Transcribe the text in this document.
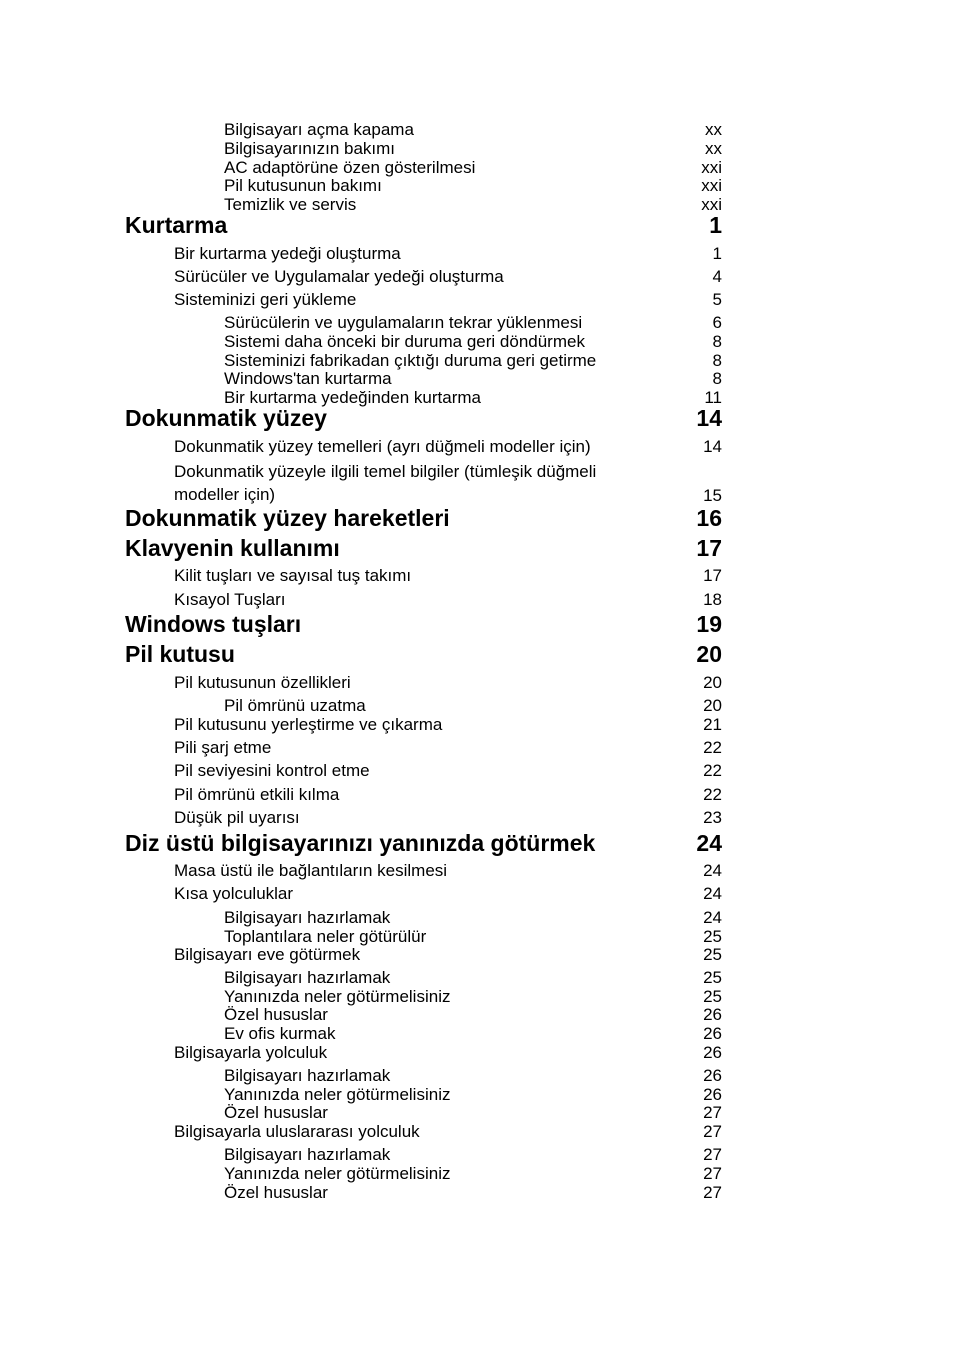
Bilgisayarı açma kapama	xx
Bilgisayarınızın bakımı	xx
AC adaptörüne özen gösterilmesi	xxi
Pil kutusunun bakımı	xxi
Temizlik ve servis	xxi
Kurtarma	1
Bir kurtarma yedeği oluşturma	1
Sürücüler ve Uygulamalar yedeği oluşturma	4
Sisteminizi geri yükleme	5
Sürücülerin ve uygulamaların tekrar yüklenmesi	6
Sistemi daha önceki bir duruma geri döndürmek	8
Sisteminizi fabrikadan çıktığı duruma geri getirme	8
Windows'tan kurtarma	8
Bir kurtarma yedeğinden kurtarma	11
Dokunmatik yüzey	14
Dokunmatik yüzey temelleri (ayrı düğmeli modeller için)	14
Dokunmatik yüzeyle ilgili temel bilgiler (tümleşik düğmeli modeller için)	15
Dokunmatik yüzey hareketleri	16
Klavyenin kullanımı	17
Kilit tuşları ve sayısal tuş takımı	17
Kısayol Tuşları	18
Windows tuşları	19
Pil kutusu	20
Pil kutusunun özellikleri	20
Pil ömrünü uzatma	20
Pil kutusunu yerleştirme ve çıkarma	21
Pili şarj etme	22
Pil seviyesini kontrol etme	22
Pil ömrünü etkili kılma	22
Düşük pil uyarısı	23
Diz üstü bilgisayarınızı yanınızda götürmek	24
Masa üstü ile bağlantıların kesilmesi	24
Kısa yolculuklar	24
Bilgisayarı hazırlamak	24
Toplantılara neler götürülür	25
Bilgisayarı eve götürmek	25
Bilgisayarı hazırlamak	25
Yanınızda neler götürmelisiniz	25
Özel hususlar	26
Ev ofis kurmak	26
Bilgisayarla yolculuk	26
Bilgisayarı hazırlamak	26
Yanınızda neler götürmelisiniz	26
Özel hususlar	27
Bilgisayarla uluslararası yolculuk	27
Bilgisayarı hazırlamak	27
Yanınızda neler götürmelisiniz	27
Özel hususlar	27
